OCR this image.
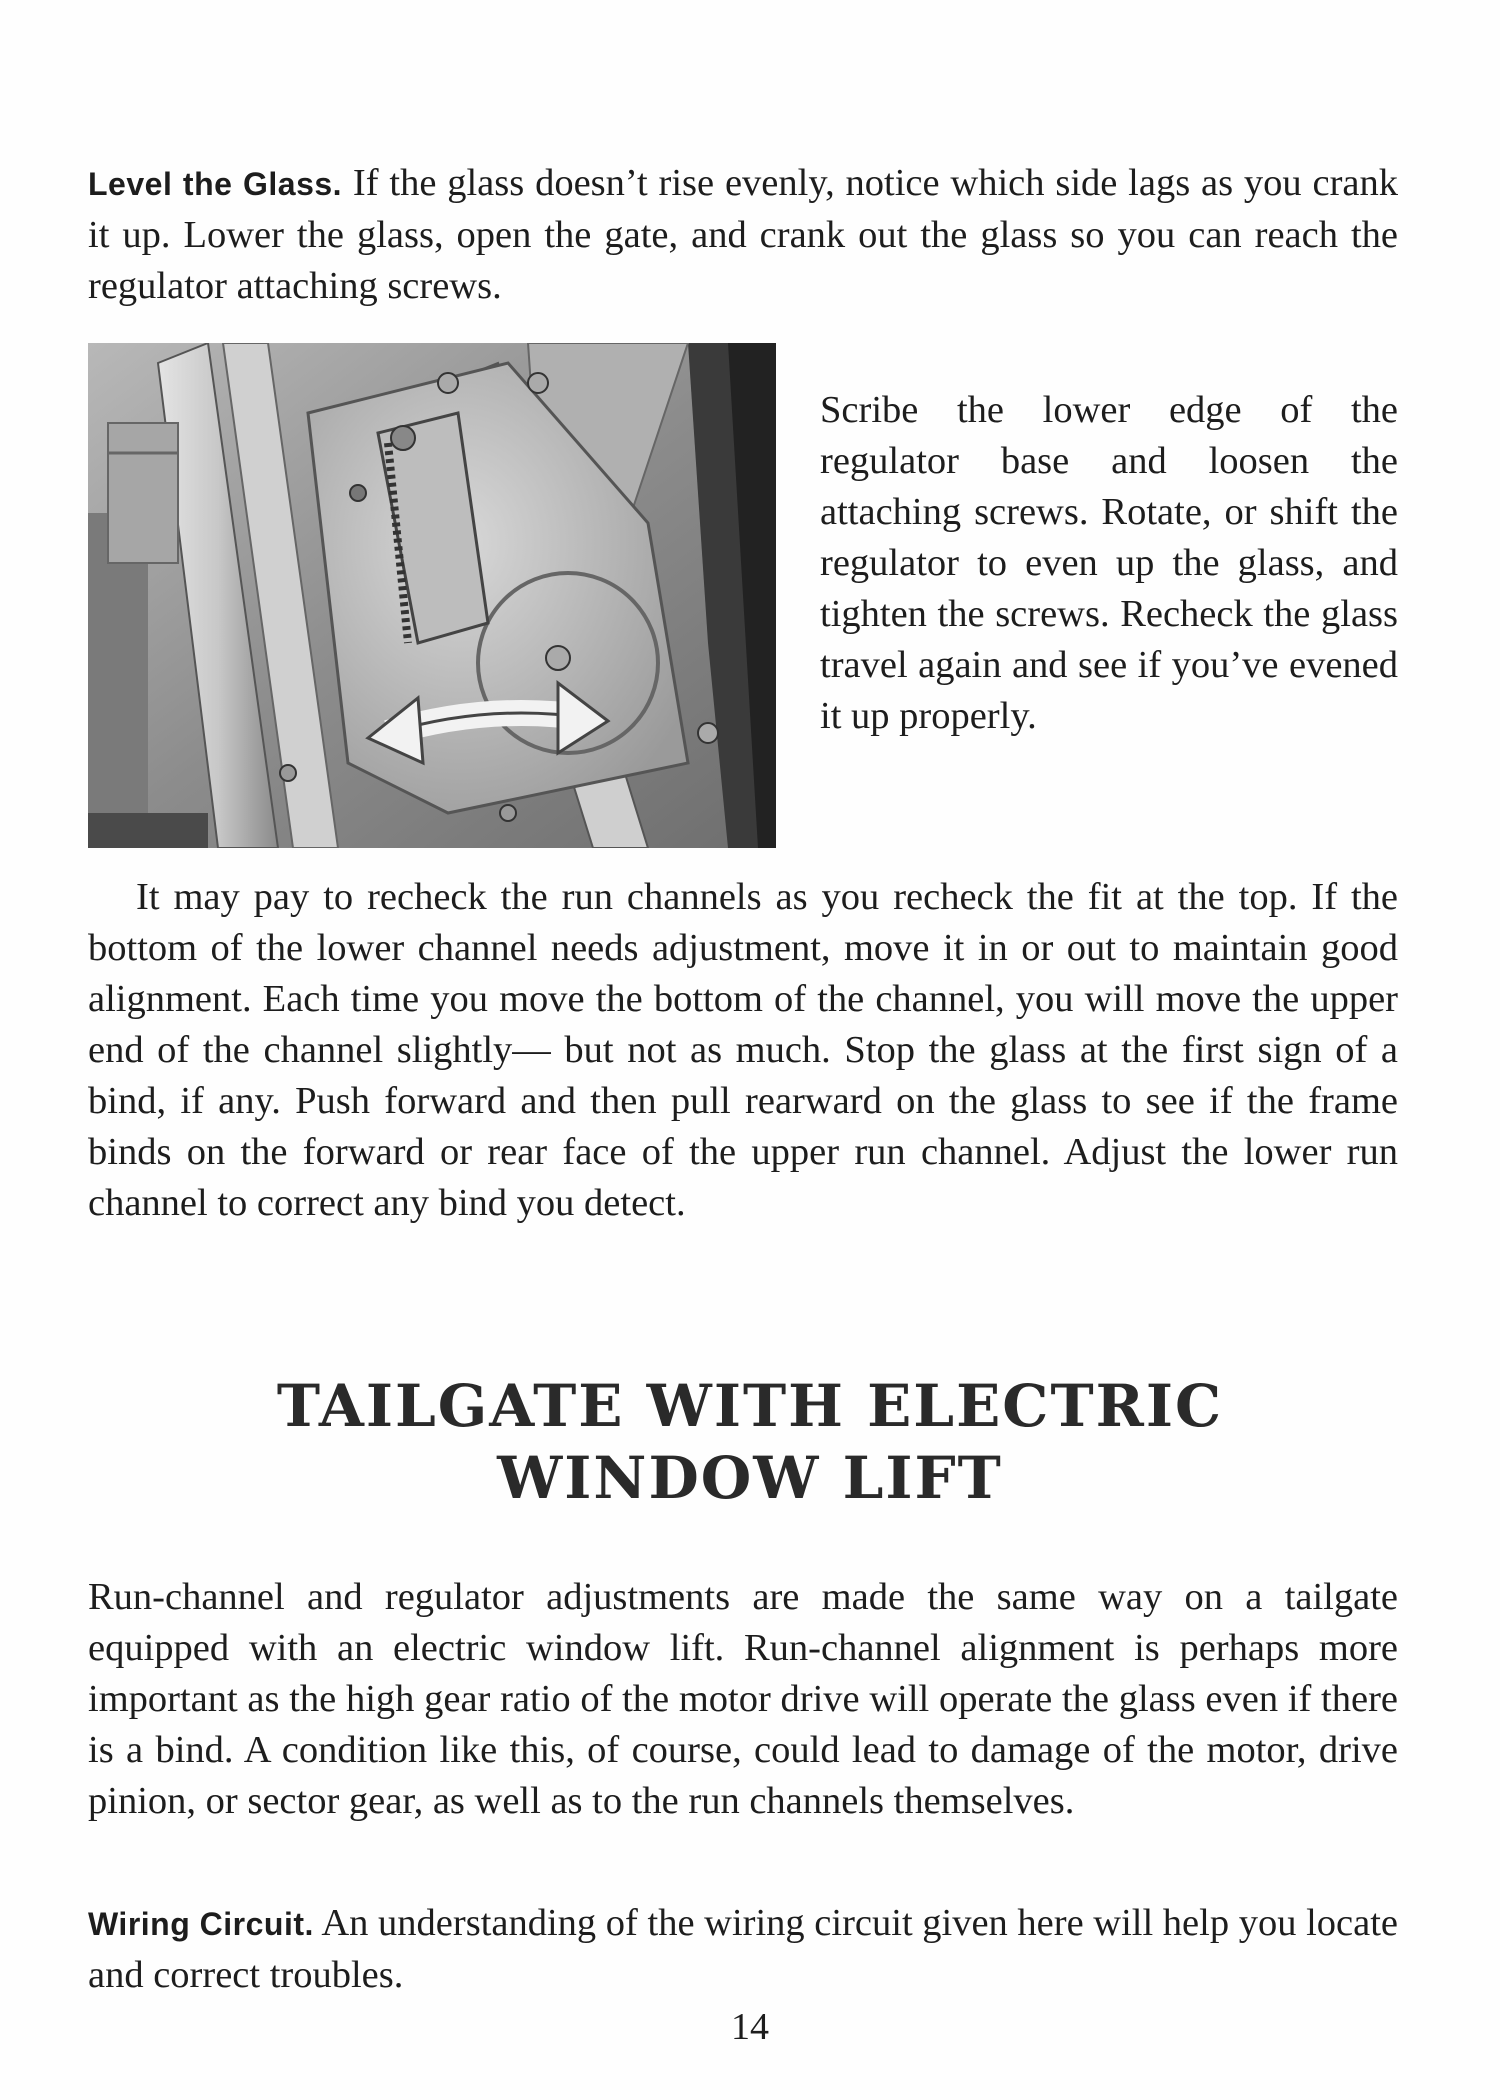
Level the Glass. If the glass doesn’t rise evenly, notice which side lags as you crank it up. Lower the glass, open the gate, and crank out the glass so you can reach the regulator attaching screws.

Scribe the lower edge of the regulator base and loosen the attaching screws. Rotate, or shift the regulator to even up the glass, and tighten the screws. Recheck the glass travel again and see if you’ve evened it up properly.

It may pay to recheck the run channels as you recheck the fit at the top. If the bottom of the lower channel needs adjustment, move it in or out to maintain good alignment. Each time you move the bottom of the channel, you will move the upper end of the channel slightly— but not as much. Stop the glass at the first sign of a bind, if any. Push forward and then pull rearward on the glass to see if the frame binds on the forward or rear face of the upper run channel. Adjust the lower run channel to correct any bind you detect.

TAILGATE WITH ELECTRIC
WINDOW LIFT

Run-channel and regulator adjustments are made the same way on a tailgate equipped with an electric window lift. Run-channel alignment is perhaps more important as the high gear ratio of the motor drive will operate the glass even if there is a bind. A condition like this, of course, could lead to damage of the motor, drive pinion, or sector gear, as well as to the run channels themselves.

Wiring Circuit. An understanding of the wiring circuit given here will help you locate and correct troubles.

14
